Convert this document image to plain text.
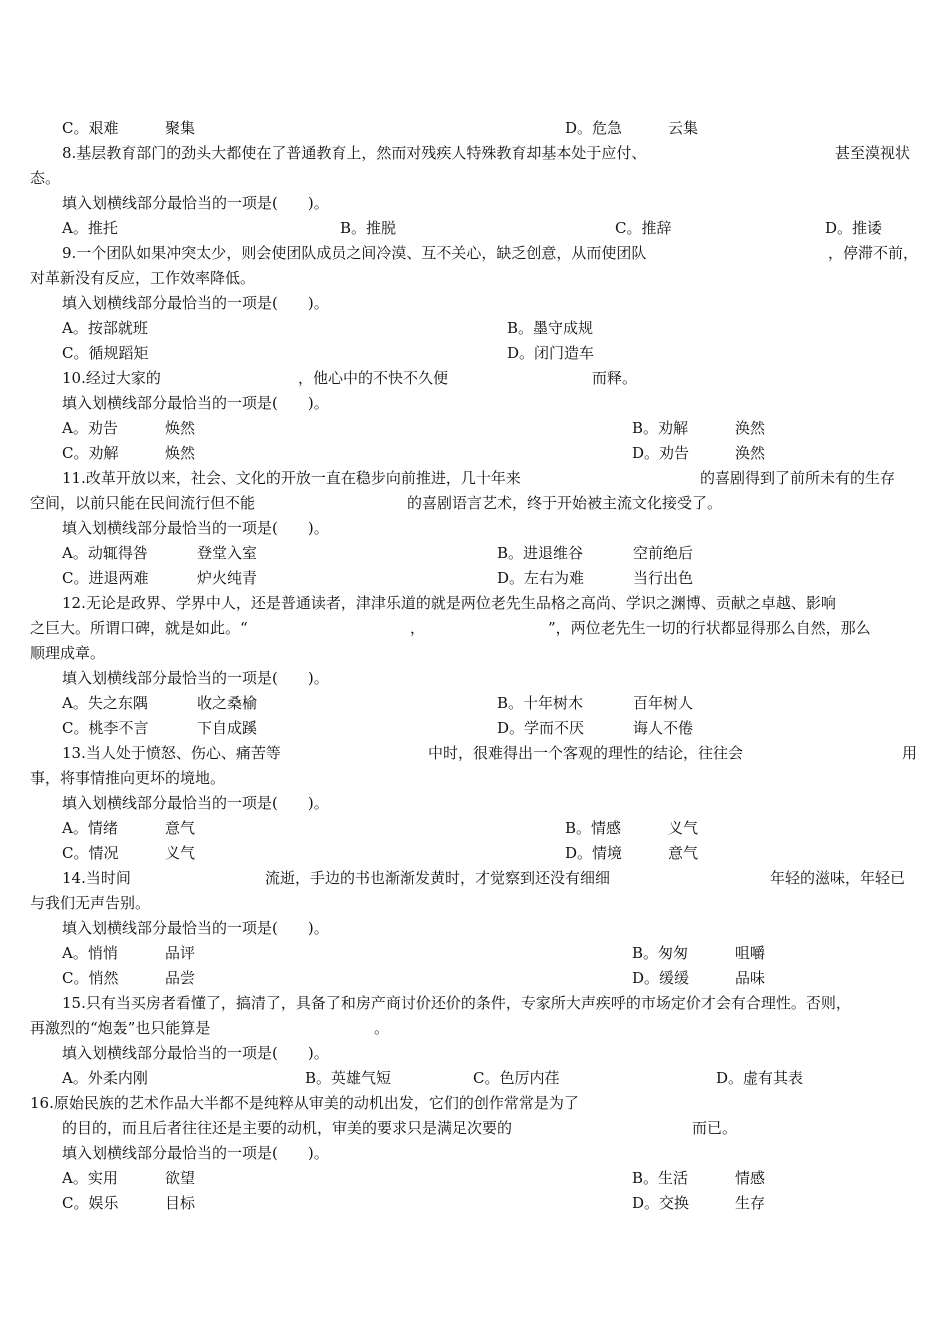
C。艰难	聚集	D。危急	云集
8.基层教育部门的劲头大都使在了普通教育上，然而对残疾人特殊教育却基本处于应付、	甚至漠视状
态。
填入划横线部分最恰当的一项是(　　)。
A。推托	B。推脱	C。推辞	D。推诿
9.一个团队如果冲突太少，则会使团队成员之间冷漠、互不关心，缺乏创意，从而使团队	，停滞不前，
对革新没有反应，工作效率降低。
填入划横线部分最恰当的一项是(　　)。
A。按部就班	B。墨守成规
C。循规蹈矩	D。闭门造车
10.经过大家的	，他心中的不快不久便	而释。
填入划横线部分最恰当的一项是(　　)。
A。劝告	焕然	B。劝解	涣然
C。劝解	焕然	D。劝告	涣然
11.改革开放以来，社会、文化的开放一直在稳步向前推进，几十年来	的喜剧得到了前所未有的生存
空间，以前只能在民间流行但不能	的喜剧语言艺术，终于开始被主流文化接受了。
填入划横线部分最恰当的一项是(　　)。
A。动辄得咎	登堂入室	B。进退维谷	空前绝后
C。进退两难	炉火纯青	D。左右为难	当行出色
12.无论是政界、学界中人，还是普通读者，津津乐道的就是两位老先生品格之高尚、学识之渊博、贡献之卓越、影响
之巨大。所谓口碑，就是如此。“	，	”，两位老先生一切的行状都显得那么自然，那么
顺理成章。
填入划横线部分最恰当的一项是(　　)。
A。失之东隅	收之桑榆	B。十年树木	百年树人
C。桃李不言	下自成蹊	D。学而不厌	诲人不倦
13.当人处于愤怒、伤心、痛苦等	中时，很难得出一个客观的理性的结论，往往会	用
事，将事情推向更坏的境地。
填入划横线部分最恰当的一项是(　　)。
A。情绪	意气	B。情感	义气
C。情况	义气	D。情境	意气
14.当时间	流逝，手边的书也渐渐发黄时，才觉察到还没有细细	年轻的滋味，年轻已
与我们无声告别。
填入划横线部分最恰当的一项是(　　)。
A。悄悄	品评	B。匆匆	咀嚼
C。悄然	品尝	D。缓缓	品味
15.只有当买房者看懂了，搞清了，具备了和房产商讨价还价的条件，专家所大声疾呼的市场定价才会有合理性。否则，
再激烈的“炮轰”也只能算是	。
填入划横线部分最恰当的一项是(　　)。
A。外柔内刚	B。英雄气短	C。色厉内荏	D。虚有其表
16.原始民族的艺术作品大半都不是纯粹从审美的动机出发，它们的创作常常是为了
的目的，而且后者往往还是主要的动机，审美的要求只是满足次要的	而已。
填入划横线部分最恰当的一项是(　　)。
A。实用	欲望	B。生活	情感
C。娱乐	目标	D。交换	生存
